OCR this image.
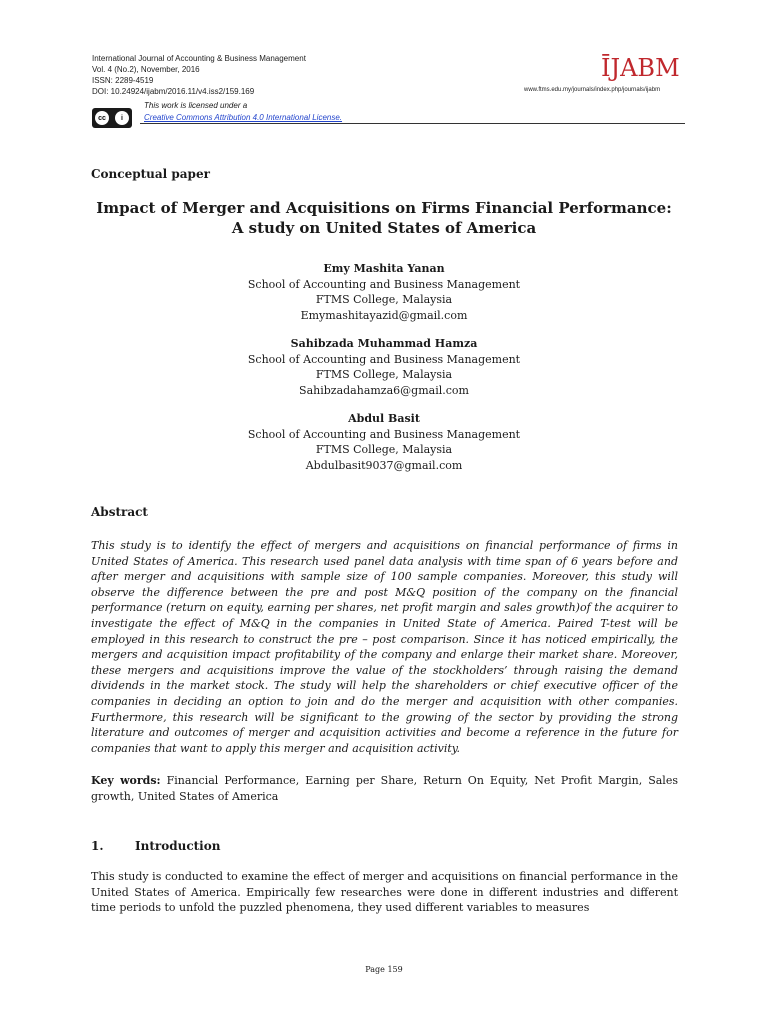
International Journal of Accounting & Business Management
Vol. 4 (No.2), November, 2016
ISSN: 2289-4519
DOI: 10.24924/ijabm/2016.11/v4.iss2/159.169
cc	i
This work is licensed under a
Creative Commons Attribution 4.0 International License.
ĪJABM
www.ftms.edu.my/journals/index.php/journals/ijabm
Conceptual paper
Impact of Merger and Acquisitions on Firms Financial Performance:
A study on United States of America
Emy Mashita Yanan
School of Accounting and Business Management
FTMS College, Malaysia
Emymashitayazid@gmail.com
Sahibzada Muhammad Hamza
School of Accounting and Business Management
FTMS College, Malaysia
Sahibzadahamza6@gmail.com
Abdul Basit
School of Accounting and Business Management
FTMS College, Malaysia
Abdulbasit9037@gmail.com
Abstract

This study is to identify the effect of mergers and acquisitions on financial performance of firms in United States of America. This research used panel data analysis with time span of 6 years before and after merger and acquisitions with sample size of 100 sample companies. Moreover, this study will observe the difference between the pre and post M&Q position of the company on the financial performance (return on equity, earning per shares, net profit margin and sales growth)of the acquirer to investigate the effect of M&Q in the companies in United State of America. Paired T-test will be employed in this research to construct the pre – post comparison. Since it has noticed empirically, the mergers and acquisition impact profitability of the company and enlarge their market share. Moreover, these mergers and acquisitions improve the value of the stockholders’ through raising the demand dividends in the market stock. The study will help the shareholders or chief executive officer of the companies in deciding an option to join and do the merger and acquisition with other companies. Furthermore, this research will be significant to the growing of the sector by providing the strong literature and outcomes of merger and acquisition activities and become a reference in the future for companies that want to apply this merger and acquisition activity.

Key words: Financial Performance, Earning per Share, Return On Equity, Net Profit Margin, Sales growth, United States of America

1.	Introduction

This study is conducted to examine the effect of merger and acquisitions on financial performance in the United States of America. Empirically few researches were done in different industries and different time periods to unfold the puzzled phenomena, they used different variables to measures

Page 159
